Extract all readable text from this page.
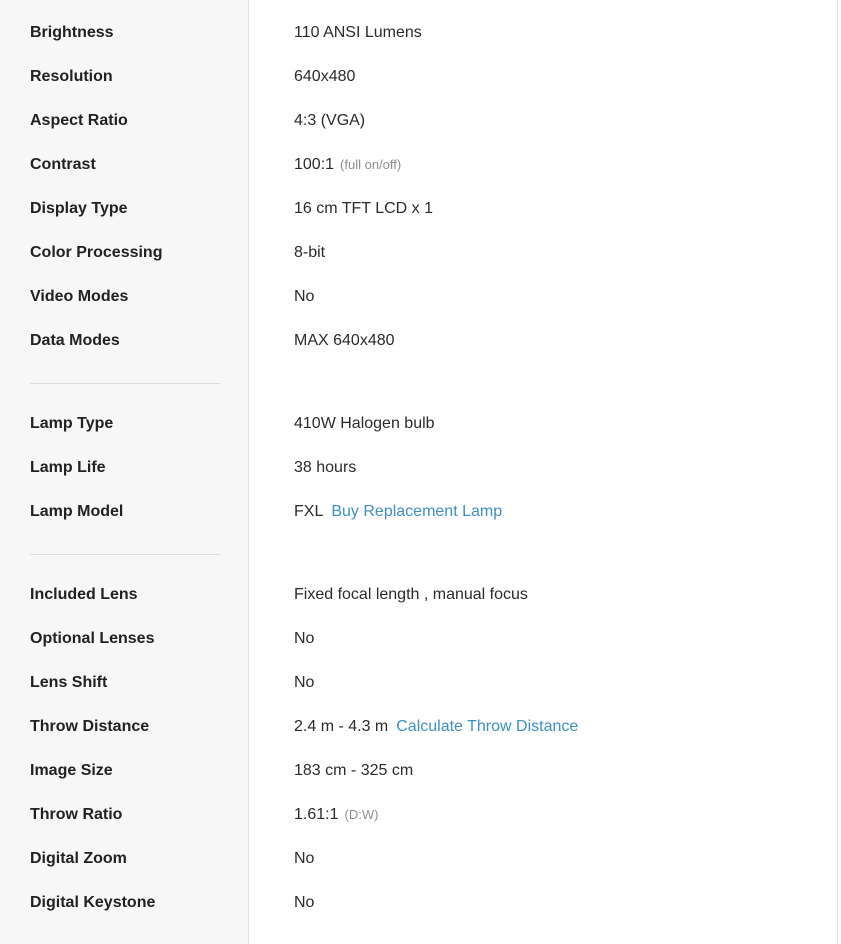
Brightness	110 ANSI Lumens
Resolution	640x480
Aspect Ratio	4:3 (VGA)
Contrast	100:1 (full on/off)
Display Type	16 cm TFT LCD x 1
Color Processing	8-bit
Video Modes	No
Data Modes	MAX 640x480
Lamp Type	410W Halogen bulb
Lamp Life	38 hours
Lamp Model	FXL Buy Replacement Lamp
Included Lens	Fixed focal length , manual focus
Optional Lenses	No
Lens Shift	No
Throw Distance	2.4 m - 4.3 m Calculate Throw Distance
Image Size	183 cm - 325 cm
Throw Ratio	1.61:1 (D:W)
Digital Zoom	No
Digital Keystone	No
